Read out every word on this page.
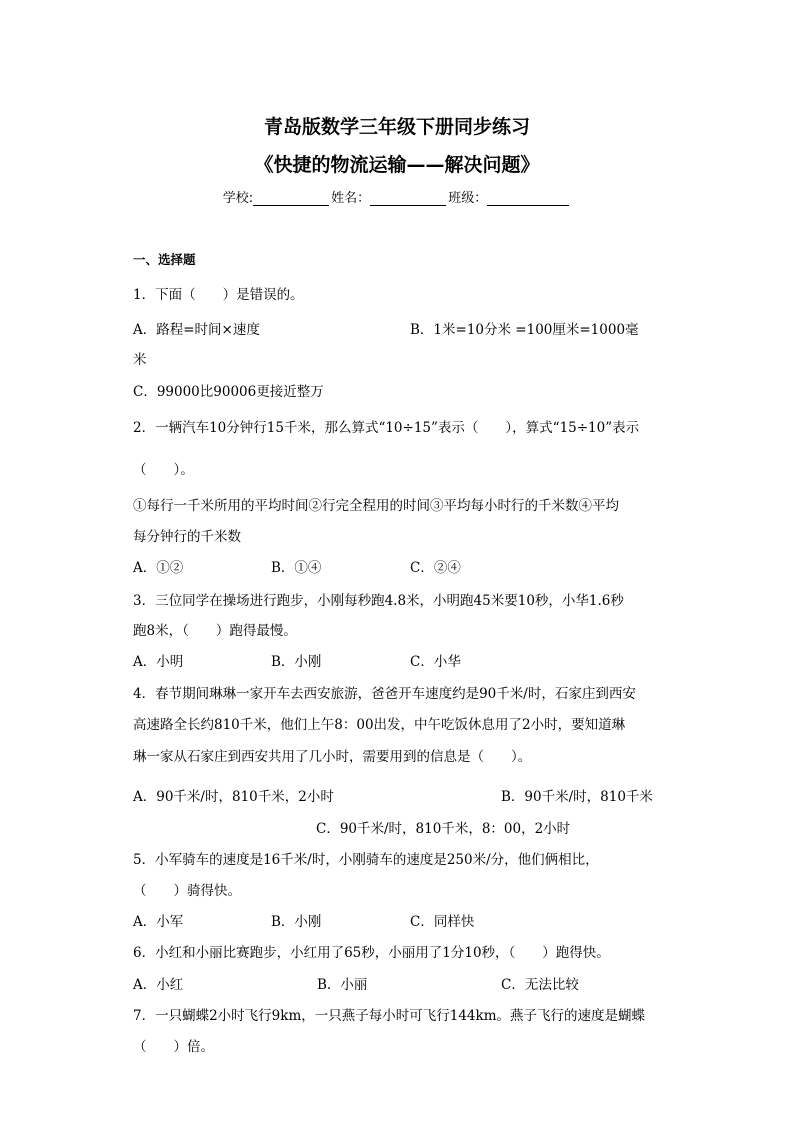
青岛版数学三年级下册同步练习
《快捷的物流运输——解决问题》
学校:	姓名：	班级：
一、选择题
1．下面（　　）是错误的。
A．路程=时间×速度	B．1米=10分米 =100厘米=1000毫
米
C．99000比90006更接近整万
2．一辆汽车10分钟行15千米，那么算式“10÷15”表示（　　），算式“15÷10”表示
（　　）。
①每行一千米所用的平均时间②行完全程用的时间③平均每小时行的千米数④平均
每分钟行的千米数
A．①②	B．①④	C．②④
3．三位同学在操场进行跑步，小刚每秒跑4.8米，小明跑45米要10秒，小华1.6秒
跑8米，（　　）跑得最慢。
A．小明	B．小刚	C．小华
4．春节期间琳琳一家开车去西安旅游，爸爸开车速度约是90千米/时，石家庄到西安
高速路全长约810千米，他们上午8：00出发，中午吃饭休息用了2小时，要知道琳
琳一家从石家庄到西安共用了几小时，需要用到的信息是（　　）。
A．90千米/时，810千米，2小时	B．90千米/时，810千米
C．90千米/时，810千米，8：00，2小时
5．小军骑车的速度是16千米/时，小刚骑车的速度是250米/分，他们俩相比，
（　　）骑得快。
A．小军	B．小刚	C．同样快
6．小红和小丽比赛跑步，小红用了65秒，小丽用了1分10秒，（　　）跑得快。
A．小红	B．小丽	C．无法比较
7．一只蝴蝶2小时飞行9km，一只燕子每小时可飞行144km。燕子飞行的速度是蝴蝶
（　　）倍。
